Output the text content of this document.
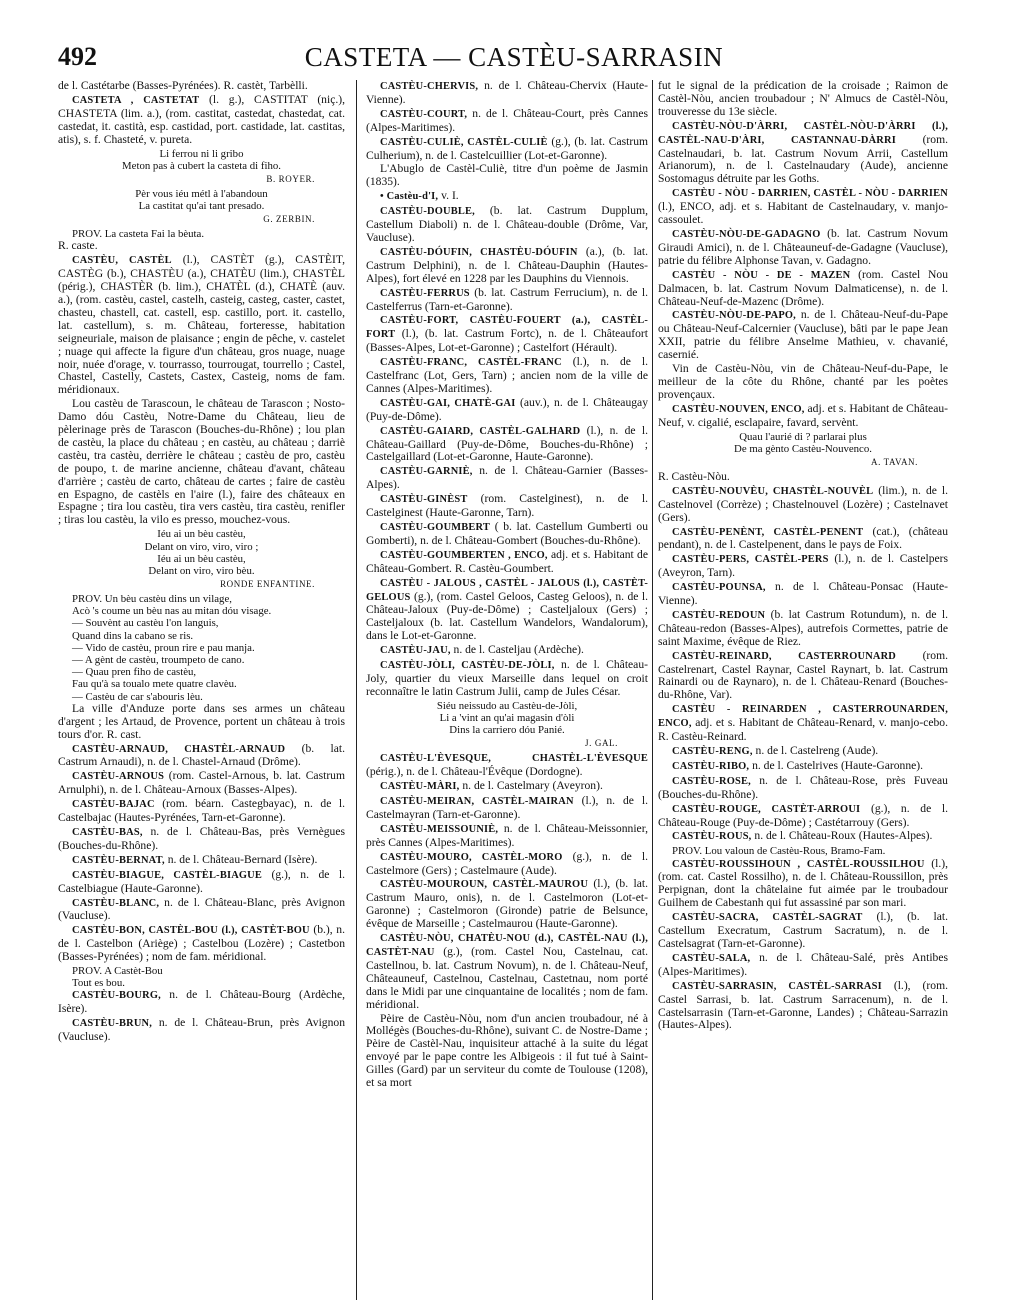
492	CASTETA — CASTÈU-SARRASIN

de l. Castétarbe (Basses-Pyrénées). R. castèt, Tarbèlli.

CASTETA , CASTETAT (l. g.), CASTITAT (niç.), CHASTETA (lim. a.), (rom. castitat, castedat, chastedat, cat. castedat, it. castità, esp. castidad, port. castidade, lat. castitas, atis), s. f. Chasteté, v. pureta.

Li ferrou ni li gribo

Meton pas à cubert la casteta di fiho.

B. ROYER.

Pèr vous iéu métl à l'abandoun

La castitat qu'ai tant presado.

G. ZERBIN.

PROV. La casteta Fai la bèuta.

R. caste.

CASTÈU, CASTÈL (l.), CASTÈT (g.), CASTÈIT, CASTÈG (b.), CHASTÈU (a.), CHATÈU (lim.), CHASTÈL (périg.), CHASTÈR (b. lim.), CHATÈL (d.), CHATÈ (auv. a.), (rom. castèu, castel, castelh, casteig, casteg, caster, castet, chasteu, chastell, cat. castell, esp. castillo, port. it. castello, lat. castellum), s. m. Château, forteresse, habitation seigneuriale, maison de plaisance ; engin de pêche, v. castelet ; nuage qui affecte la figure d'un château, gros nuage, nuage noir, nuée d'orage, v. tourrasso, tourrougat, tourrello ; Castel, Chastel, Castelly, Castets, Castex, Casteig, noms de fam. méridionaux.

Lou castèu de Tarascoun, le château de Tarascon ; Nosto-Damo dóu Castèu, Notre-Dame du Château, lieu de pèlerinage près de Tarascon (Bouches-du-Rhône) ; lou plan de castèu, la place du château ; en castèu, au château ; darriè castèu, tra castèu, derrière le château ; castèu de pro, castèu de poupo, t. de marine ancienne, château d'avant, château d'arrière ; castèu de carto, château de cartes ; faire de castèu en Espagno, de castèls en l'aire (l.), faire des châteaux en Espagne ; tira lou castèu, tira vers castèu, tira castèu, renifler ; tiras lou castèu, la vilo es presso, mouchez-vous.

Iéu ai un bèu castèu,

Delant on viro, viro, viro ;

Iéu ai un bèu castèu,

Delant on viro, viro bèu.

RONDE ENFANTINE.

PROV. Un bèu castèu dins un vilage,

Acò 's coume un bèu nas au mitan dóu visage.

— Souvènt au castèu l'on languis,

Quand dins la cabano se ris.

— Vido de castèu, proun rire e pau manja.

— A gènt de castèu, troumpeto de cano.

— Quau pren fiho de castèu,

Fau qu'à sa toualo mete quatre clavèu.

— Castèu de car s'abouris lèu.

La ville d'Anduze porte dans ses armes un château d'argent ; les Artaud, de Provence, portent un château à trois tours d'or. R. cast.

CASTÈU-ARNAUD, CHASTÈL-ARNAUD (b. lat. Castrum Arnaudi), n. de l. Chastel-Arnaud (Drôme).

CASTÈU-ARNOUS (rom. Castel-Arnous, b. lat. Castrum Arnulphi), n. de l. Château-Arnoux (Basses-Alpes).

CASTÈU-BAJAC (rom. béarn. Castegbayac), n. de l. Castelbajac (Hautes-Pyrénées, Tarn-et-Garonne).

CASTÈU-BAS, n. de l. Château-Bas, près Vernègues (Bouches-du-Rhône).

CASTÈU-BERNAT, n. de l. Château-Bernard (Isère).

CASTÈU-BIAGUE, CASTÈL-BIAGUE (g.), n. de l. Castelbiague (Haute-Garonne).

CASTÈU-BLANC, n. de l. Château-Blanc, près Avignon (Vaucluse).

CASTÈU-BON, CASTÈL-BOU (l.), CASTÈT-BOU (b.), n. de l. Castelbon (Ariège) ; Castelbou (Lozère) ; Castetbon (Basses-Pyrénées) ; nom de fam. méridional.

PROV. A Castèt-Bou

Tout es bou.

CASTÈU-BOURG, n. de l. Château-Bourg (Ardèche, Isère).

CASTÈU-BRUN, n. de l. Château-Brun, près Avignon (Vaucluse).

CASTÈU-CHERVIS, n. de l. Château-Chervix (Haute-Vienne).

CASTÈU-COURT, n. de l. Château-Court, près Cannes (Alpes-Maritimes).

CASTÈU-CULIÈ, CASTÈL-CULIÈ (g.), (b. lat. Castrum Culherium), n. de l. Castelcuillier (Lot-et-Garonne).

L'Abuglo de Castèl-Culiè, titre d'un poème de Jasmin (1835).

• Castèu-d'I, v. I.

CASTÈU-DOUBLE, (b. lat. Castrum Dupplum, Castellum Diaboli) n. de l. Château-double (Drôme, Var, Vaucluse).

CASTÈU-DÓUFIN, CHASTÈU-DÓUFIN (a.), (b. lat. Castrum Delphini), n. de l. Château-Dauphin (Hautes-Alpes), fort élevé en 1228 par les Dauphins du Viennois.

CASTÈU-FERRUS (b. lat. Castrum Ferrucium), n. de l. Castelferrus (Tarn-et-Garonne).

CASTÈU-FORT, CASTÈU-FOUERT (a.), CASTÈL-FORT (l.), (b. lat. Castrum Fortc), n. de l. Châteaufort (Basses-Alpes, Lot-et-Garonne) ; Castelfort (Hérault).

CASTÈU-FRANC, CASTÈL-FRANC (l.), n. de l. Castelfranc (Lot, Gers, Tarn) ; ancien nom de la ville de Cannes (Alpes-Maritimes).

CASTÈU-GAI, CHATÈ-GAI (auv.), n. de l. Châteaugay (Puy-de-Dôme).

CASTÈU-GAIARD, CASTÈL-GALHARD (l.), n. de l. Château-Gaillard (Puy-de-Dôme, Bouches-du-Rhône) ; Castelgaillard (Lot-et-Garonne, Haute-Garonne).

CASTÈU-GARNIÈ, n. de l. Château-Garnier (Basses-Alpes).

CASTÈU-GINÈST (rom. Castelginest), n. de l. Castelginest (Haute-Garonne, Tarn).

CASTÈU-GOUMBERT ( b. lat. Castellum Gumberti ou Gomberti), n. de l. Château-Gombert (Bouches-du-Rhône).

CASTÈU-GOUMBERTEN , ENCO, adj. et s. Habitant de Château-Gombert. R. Castèu-Goumbert.

CASTÈU - JALOUS , CASTÈL - JALOUS (l.), CASTÈT-GELOUS (g.), (rom. Castel Geloos, Casteg Geloos), n. de l. Château-Jaloux (Puy-de-Dôme) ; Casteljaloux (Gers) ; Casteljaloux (b. lat. Castellum Wandelors, Wandalorum), dans le Lot-et-Garonne.

CASTÈU-JAU, n. de l. Casteljau (Ardèche).

CASTÈU-JÒLI, CASTÈU-DE-JÒLI, n. de l. Château-Joly, quartier du vieux Marseille dans lequel on croit reconnaître le latin Castrum Julii, camp de Jules César.

Siéu neissudo au Castèu-de-Jòli,

Li a 'vint an qu'ai magasin d'òli

Dins la carriero dóu Panié.

J. GAL.

CASTÈU-L'ÈVESQUE, CHASTÈL-L'ÈVESQUE (périg.), n. de l. Château-l'Évêque (Dordogne).

CASTÈU-MÀRI, n. de l. Castelmary (Aveyron).

CASTÈU-MEIRAN, CASTÈL-MAIRAN (l.), n. de l. Castelmayran (Tarn-et-Garonne).

CASTÈU-MEISSOUNIÈ, n. de l. Château-Meissonnier, près Cannes (Alpes-Maritimes).

CASTÈU-MOURO, CASTÈL-MORO (g.), n. de l. Castelmore (Gers) ; Castelmaure (Aude).

CASTÈU-MOUROUN, CASTÈL-MAUROU (l.), (b. lat. Castrum Mauro, onis), n. de l. Castelmoron (Lot-et-Garonne) ; Castelmoron (Gironde) patrie de Belsunce, évêque de Marseille ; Castelmaurou (Haute-Garonne).

CASTÈU-NÒU, CHATÈU-NOU (d.), CASTÈL-NAU (l.), CASTÈT-NAU (g.), (rom. Castel Nou, Castelnau, cat. Castellnou, b. lat. Castrum Novum), n. de l. Château-Neuf, Châteauneuf, Castelnou, Castelnau, Castetnau, nom porté dans le Midi par une cinquantaine de localités ; nom de fam. méridional.

Pèire de Castèu-Nòu, nom d'un ancien troubadour, né à Mollégès (Bouches-du-Rhône), suivant C. de Nostre-Dame ; Pèire de Castèl-Nau, inquisiteur attaché à la suite du légat envoyé par le pape contre les Albigeois : il fut tué à Saint-Gilles (Gard) par un serviteur du comte de Toulouse (1208), et sa mort

fut le signal de la prédication de la croisade ; Raimon de Castèl-Nòu, ancien troubadour ; N' Almucs de Castèl-Nòu, trouveresse du 13e siècle.

CASTÈU-NÒU-D'ÀRRI, CASTÈL-NÒU-D'ÀRRI (l.), CASTÈL-NAU-D'ÀRI, CASTANNAU-DÀRRI (rom. Castelnaudari, b. lat. Castrum Novum Arrii, Castellum Arianorum), n. de l. Castelnaudary (Aude), ancienne Sostomagus détruite par les Goths.

CASTÈU - NÒU - DARRIEN, CASTÈL - NÒU - DARRIEN (l.), ENCO, adj. et s. Habitant de Castelnaudary, v. manjo-cassoulet.

CASTÈU-NÒU-DE-GADAGNO (b. lat. Castrum Novum Giraudi Amici), n. de l. Châteauneuf-de-Gadagne (Vaucluse), patrie du félibre Alphonse Tavan, v. Gadagno.

CASTÈU - NÒU - DE - MAZEN (rom. Castel Nou Dalmacen, b. lat. Castrum Novum Dalmaticense), n. de l. Château-Neuf-de-Mazenc (Drôme).

CASTÈU-NÒU-DE-PAPO, n. de l. Château-Neuf-du-Pape ou Château-Neuf-Calcernier (Vaucluse), bâti par le pape Jean XXII, patrie du félibre Anselme Mathieu, v. chavanié, casernié.

Vin de Castèu-Nòu, vin de Château-Neuf-du-Pape, le meilleur de la côte du Rhône, chanté par les poètes provençaux.

CASTÈU-NOUVEN, ENCO, adj. et s. Habitant de Château-Neuf, v. cigalié, esclapaire, favard, servènt.

Quau l'aurié di ? parlarai plus

De ma gènto Castèu-Nouvenco.

A. TAVAN.

R. Castèu-Nòu.

CASTÈU-NOUVÈU, CHASTÈL-NOUVÈL (lim.), n. de l. Castelnovel (Corrèze) ; Chastelnouvel (Lozère) ; Castelnavet (Gers).

CASTÈU-PENÈNT, CASTÈL-PENENT (cat.), (château pendant), n. de l. Castelpenent, dans le pays de Foix.

CASTÈU-PERS, CASTÈL-PERS (l.), n. de l. Castelpers (Aveyron, Tarn).

CASTÈU-POUNSA, n. de l. Château-Ponsac (Haute-Vienne).

CASTÈU-REDOUN (b. lat Castrum Rotundum), n. de l. Château-redon (Basses-Alpes), autrefois Cormettes, patrie de saint Maxime, évêque de Riez.

CASTÈU-REINARD, CASTERROUNARD (rom. Castelrenart, Castel Raynar, Castel Raynart, b. lat. Castrum Rainardi ou de Raynaro), n. de l. Château-Renard (Bouches-du-Rhône, Var).

CASTÈU - REINARDEN , CASTERROUNARDEN, ENCO, adj. et s. Habitant de Château-Renard, v. manjo-cebo. R. Castèu-Reinard.

CASTÈU-RENG, n. de l. Castelreng (Aude).

CASTÈU-RIBO, n. de l. Castelrives (Haute-Garonne).

CASTÈU-ROSE, n. de l. Château-Rose, près Fuveau (Bouches-du-Rhône).

CASTÈU-ROUGE, CASTÈT-ARROUI (g.), n. de l. Château-Rouge (Puy-de-Dôme) ; Castétarrouy (Gers).

CASTÈU-ROUS, n. de l. Château-Roux (Hautes-Alpes).

PROV. Lou valoun de Castèu-Rous, Bramo-Fam.

CASTÈU-ROUSSIHOUN , CASTÈL-ROUSSILHOU (l.), (rom. cat. Castel Rossilho), n. de l. Château-Roussillon, près Perpignan, dont la châtelaine fut aimée par le troubadour Guilhem de Cabestanh qui fut assassiné par son mari.

CASTÈU-SACRA, CASTÈL-SAGRAT (l.), (b. lat. Castellum Execratum, Castrum Sacratum), n. de l. Castelsagrat (Tarn-et-Garonne).

CASTÈU-SALA, n. de l. Château-Salé, près Antibes (Alpes-Maritimes).

CASTÈU-SARRASIN, CASTÈL-SARRASI (l.), (rom. Castel Sarrasi, b. lat. Castrum Sarracenum), n. de l. Castelsarrasin (Tarn-et-Garonne, Landes) ; Château-Sarrazin (Hautes-Alpes).
